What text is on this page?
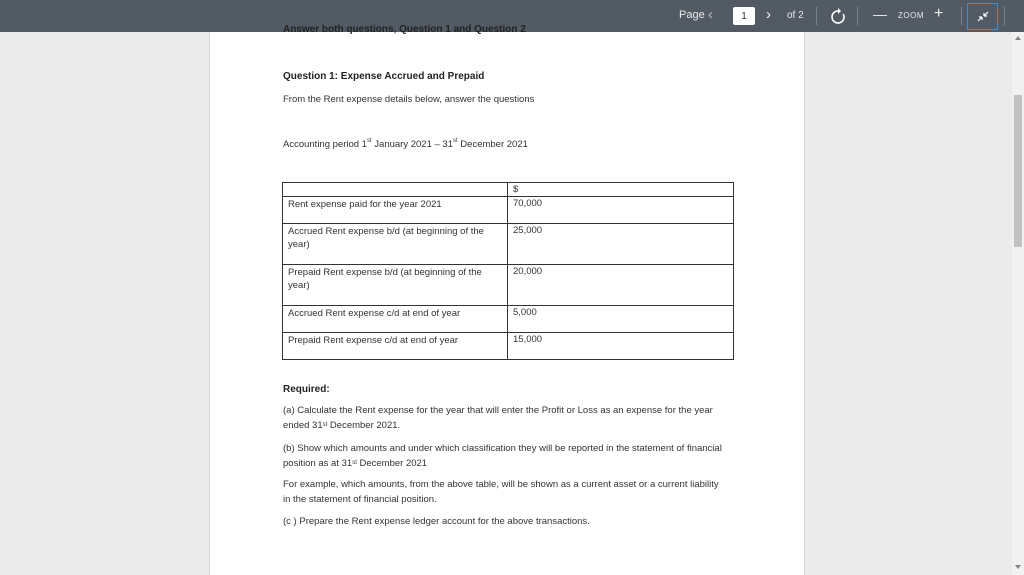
Page ‹
1	› of 2	— ZOOM +
Answer both questions, Question 1 and Question 2
Question 1: Expense Accrued and Prepaid
From the Rent expense details below, answer the questions
Accounting period 1st January 2021 – 31st December 2021
	$
Rent expense paid for the year 2021	70,000
Accrued Rent expense b/d (at beginning of the year)	25,000
Prepaid Rent expense b/d (at beginning of the year)	20,000
Accrued Rent expense c/d at end of year	5,000
Prepaid Rent expense c/d at end of year	15,000
Required:
(a) Calculate the Rent expense for the year that will enter the Profit or Loss as an expense for the year ended 31st December 2021.
(b) Show which amounts and under which classification they will be reported in the statement of financial position as at 31st December 2021
For example, which amounts, from the above table, will be shown as a current asset or a current liability in the statement of financial position.
(c ) Prepare the Rent expense ledger account for the above transactions.
